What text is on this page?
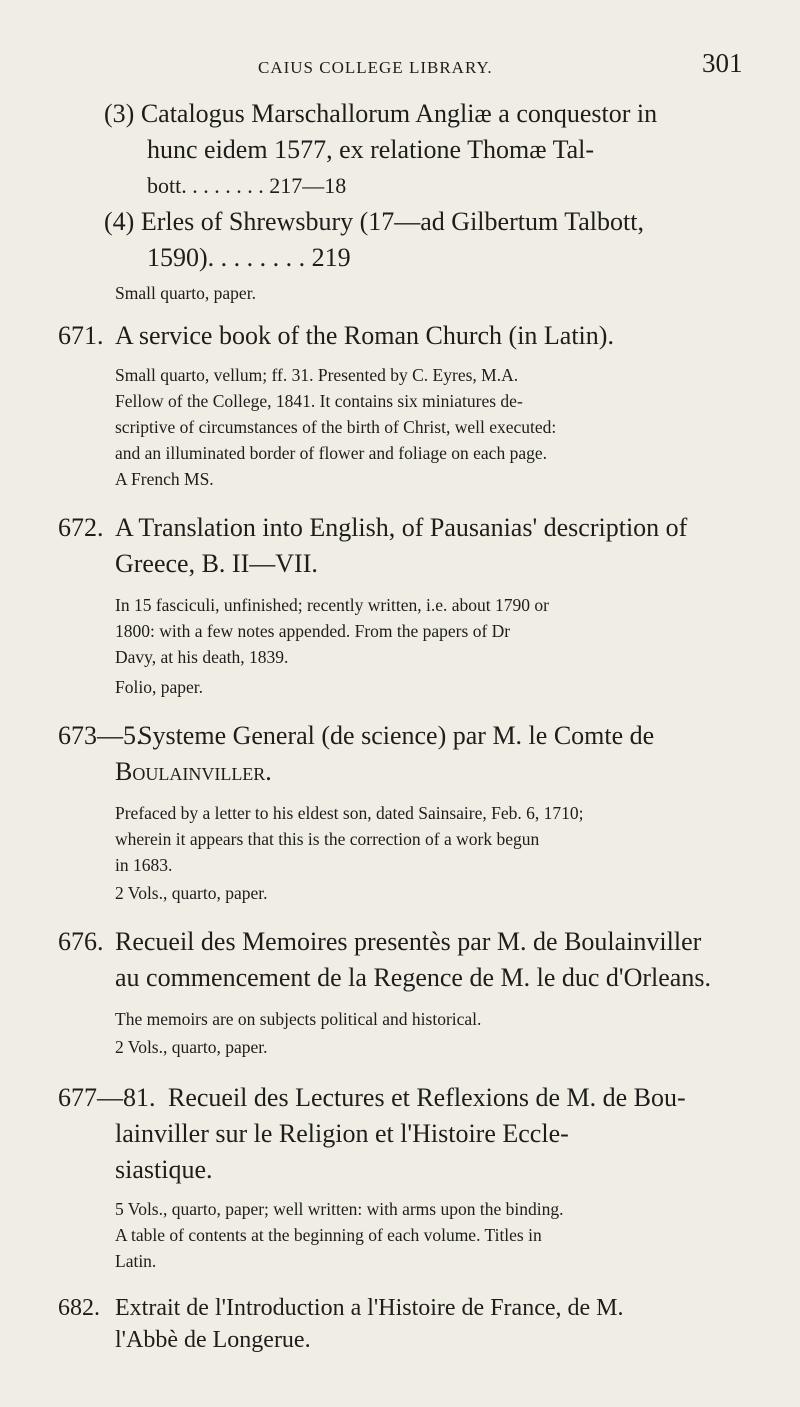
CAIUS COLLEGE LIBRARY.	301
(3) Catalogus Marschallorum Angliæ a conquestor in
hunc eidem 1577, ex relatione Thomæ Tal-
bott. . . . . . . . 217—18
(4) Erles of Shrewsbury (17—ad Gilbertum Talbott,
1590). . . . . . . . 219
Small quarto, paper.
671. A service book of the Roman Church (in Latin).
Small quarto, vellum; ff. 31. Presented by C. Eyres, M.A.
Fellow of the College, 1841. It contains six miniatures de-
scriptive of circumstances of the birth of Christ, well executed:
and an illuminated border of flower and foliage on each page.
A French MS.
672. A Translation into English, of Pausanias' description of
Greece, B. II—VII.
In 15 fasciculi, unfinished; recently written, i.e. about 1790 or
1800: with a few notes appended. From the papers of Dr
Davy, at his death, 1839.
Folio, paper.
673—5.
Systeme General (de science) par M. le Comte de
Boulainviller.
Prefaced by a letter to his eldest son, dated Sainsaire, Feb. 6, 1710;
wherein it appears that this is the correction of a work begun
in 1683.
2 Vols., quarto, paper.
676. Recueil des Memoires presentès par M. de Boulainviller
au commencement de la Regence de M. le duc d'Orleans.
The memoirs are on subjects political and historical.
2 Vols., quarto, paper.
677—81. Recueil des Lectures et Reflexions de M. de Bou-
lainviller sur le Religion et l'Histoire Eccle-
siastique.
5 Vols., quarto, paper; well written: with arms upon the binding.
A table of contents at the beginning of each volume. Titles in
Latin.
682. Extrait de l'Introduction a l'Histoire de France, de M.
l'Abbè de Longerue.
